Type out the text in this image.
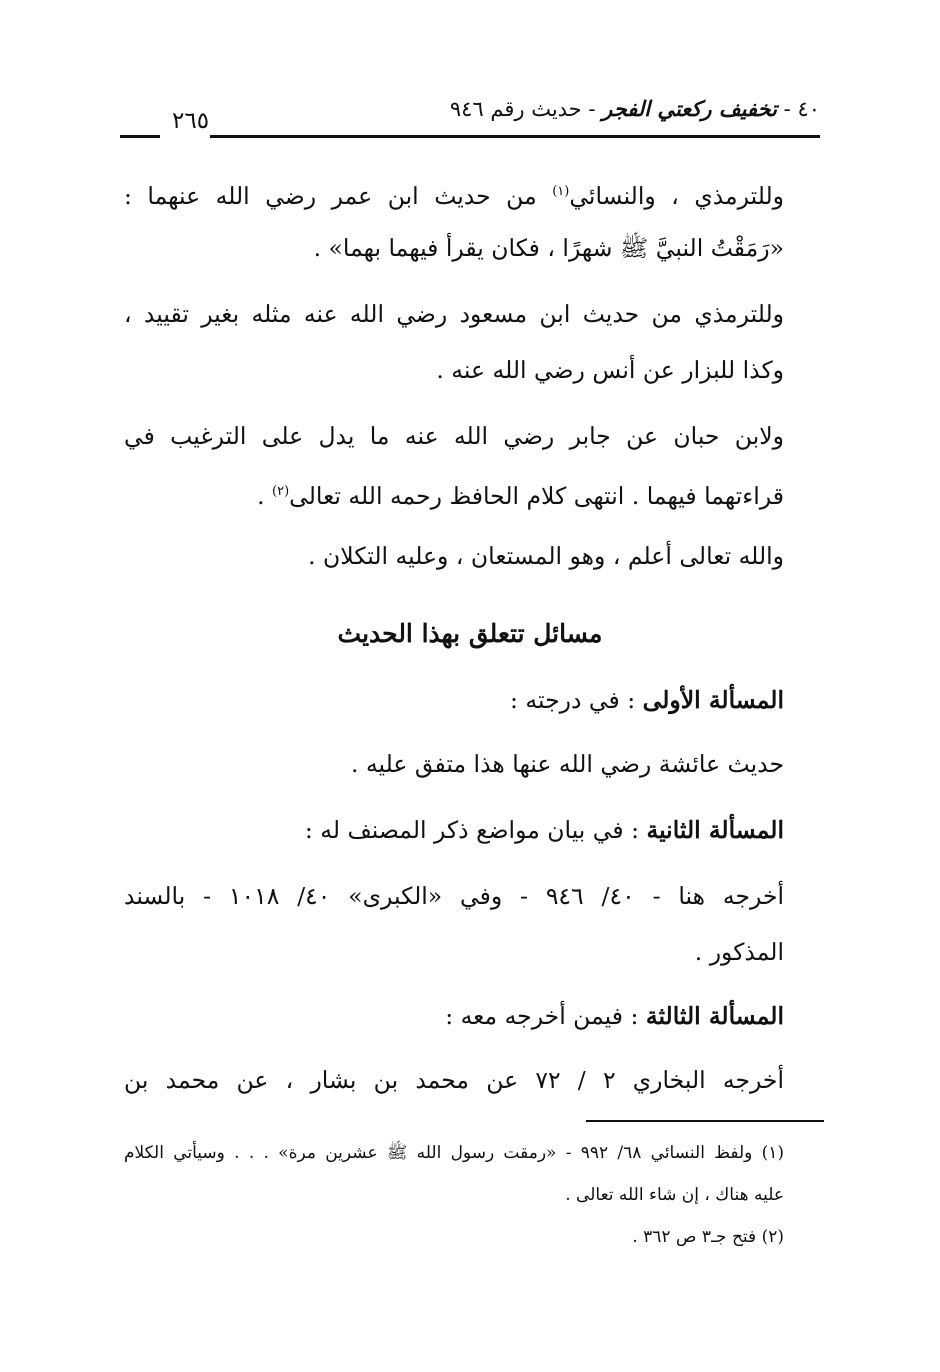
٤٠ - تخفيف ركعتي الفجر - حديث رقم ٩٤٦
٢٦٥
وللترمذي ، والنسائي$^{(١)}$ من حديث ابن عمر رضي الله عنهما :
«رَمَقْتُ النبيَّ ﷺ شهرًا ، فكان يقرأ فيهما بهما» .
وللترمذي من حديث ابن مسعود رضي الله عنه مثله بغير تقييد ،
وكذا للبزار عن أنس رضي الله عنه .
ولابن حبان عن جابر رضي الله عنه ما يدل على الترغيب في
قراءتهما فيهما . انتهى كلام الحافظ رحمه الله تعالى$^{(٢)}$ .
والله تعالى أعلم ، وهو المستعان ، وعليه التكلان .
مسائل تتعلق بهذا الحديث
المسألة الأولى : في درجته :
حديث عائشة رضي الله عنها هذا متفق عليه .
المسألة الثانية : في بيان مواضع ذكر المصنف له :
أخرجه هنا - ٤٠/ ٩٤٦ - وفي «الكبرى» ٤٠/ ١٠١٨ - بالسند
المذكور .
المسألة الثالثة : فيمن أخرجه معه :
أخرجه البخاري ٢ / ٧٢ عن محمد بن بشار ، عن محمد بن
(١) ولفظ النسائي ٦٨/ ٩٩٢ - «رمقت رسول الله ﷺ عشرين مرة» . . . وسيأتي الكلام
عليه هناك ، إن شاء الله تعالى .
(٢) فتح جـ٣ ص ٣٦٢ .
